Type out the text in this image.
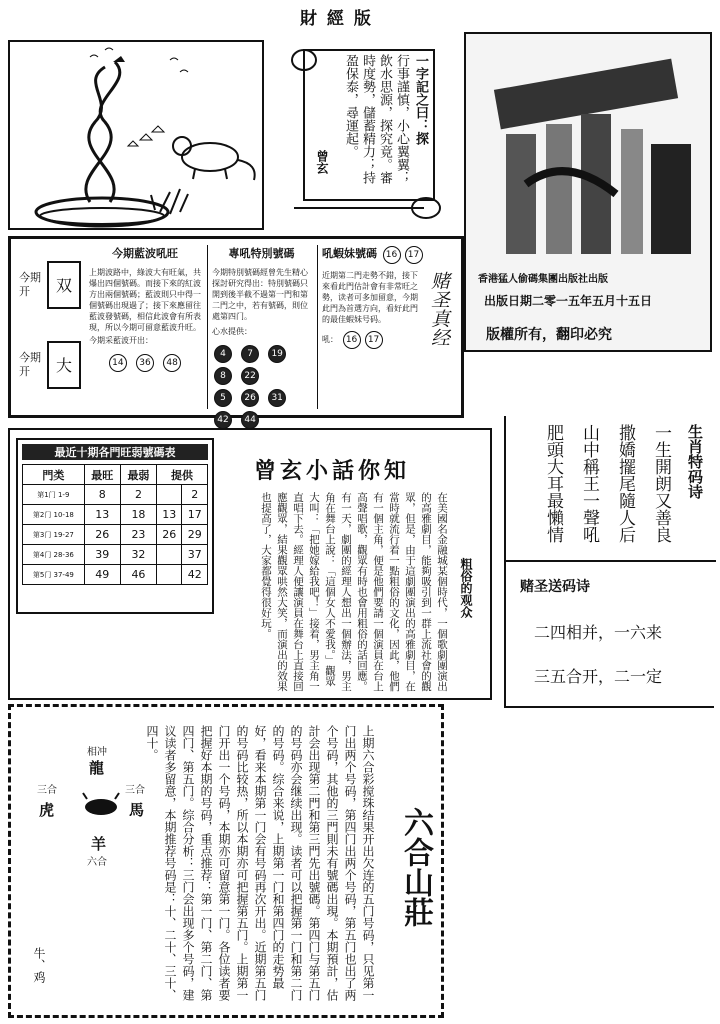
財 經 版
一字記之曰：探
行事謹慎，小心翼翼；飲水思源，探究竟。審時度勢，儲蓄精力；持盈保泰，尋運起。
曾玄
香港猛人偷碼集團出版社出版
出版日期二零一五年五月十五日
版權所有，翻印必究
今期开	双
今期开	大
今期藍波吼旺
上期波路中，綠波大有旺氣，共爆出四個號碼。而接下來的紅波方出兩個號碼；藍波則只中得一個號碼出現過了；接下來應留往藍波發號碼，相信此波會有所表現，所以今期可留意藍波升旺。
今期采藍波开出：
14 36 48
專吼特別號碼
今期特別號碼經曾先生精心探討研究得出：特別號碼只開到後半截不過第一門和第二門之中，若有號碼，則位處第四门。
心水提供：
4 7 19 8 22
5 26 31 42 44
吼蝦妹號碼 16 17
近期第二門走勢不錯，接下來看此門估計會有非常旺之勢，读者可多加留意，今期此門為首選方向，看好此門的最佳蝦妹号码。
吼： 16 17	赌圣真经
最近十期各門旺弱號碼表
門类	最旺	最弱	提供	
第1门 1-9	8	2		2
第2门 10-18	13	18	13	17
第3门 19-27	26	23	26	29
第4门 28-36	39	32		37
第5门 37-49	49	46		42
曾玄小話你知
粗俗的观众
在美國名金融城某個時代，一個歌劇團演出的高雅劇目，能夠吸引到一群上流社會的觀眾，但是，由于這劇團演出的高雅劇目，在當時就流行着一點粗俗的文化，因此，他們有一個主角，便是他們要請一個演員在台上高聲唱歌，觀眾有時也會用粗俗的話回應。有一天，劇團的經理人想出一個辦法，男主角在舞台上說：「這個女人不愛我。」觀眾大叫：「把她嫁給我吧！」接着，男主角一直唱下去。經理人便讓演員在舞台上直接回應觀眾，結果觀眾哄然大笑，而演出的效果也提高了，大家都覺得很好玩。
生肖特码诗
一生開朗又善良
撒嬌擺尾隨人后
山中稱王一聲吼
肥頭大耳最懶情
赌圣送码诗
二四相并，一六来
三五合开，二一定
相冲
龍
三合
虎
三合
馬
羊
六合
牛、鸡	上期六合彩搅珠结果开出欠连的五门号码，只见第一门出两个号码，第四门出两个号码，第五门也出了两个号码，其他的三門則未有號碼出現。本期預計，估計会出现第二門和第三門先出號碼。第四门与第五门的号码亦会继续出现。读者可以把握第一门和第二门的号码。综合来说，上期第一门和第四门的走势最好，看来本期第一门会有号码再次开出。近期第五门的号码比较热，所以本期亦可把握第五门。上期第一门开出一个号码，本期亦可留意第一门。各位读者要把握好本期的号码，重点推荐：第一门、第二门、第四门、第五门。综合分析：三门会出现多个号码，建议读者多留意，本期推荐号码是：十、二十、三十、四十。
六合山莊
